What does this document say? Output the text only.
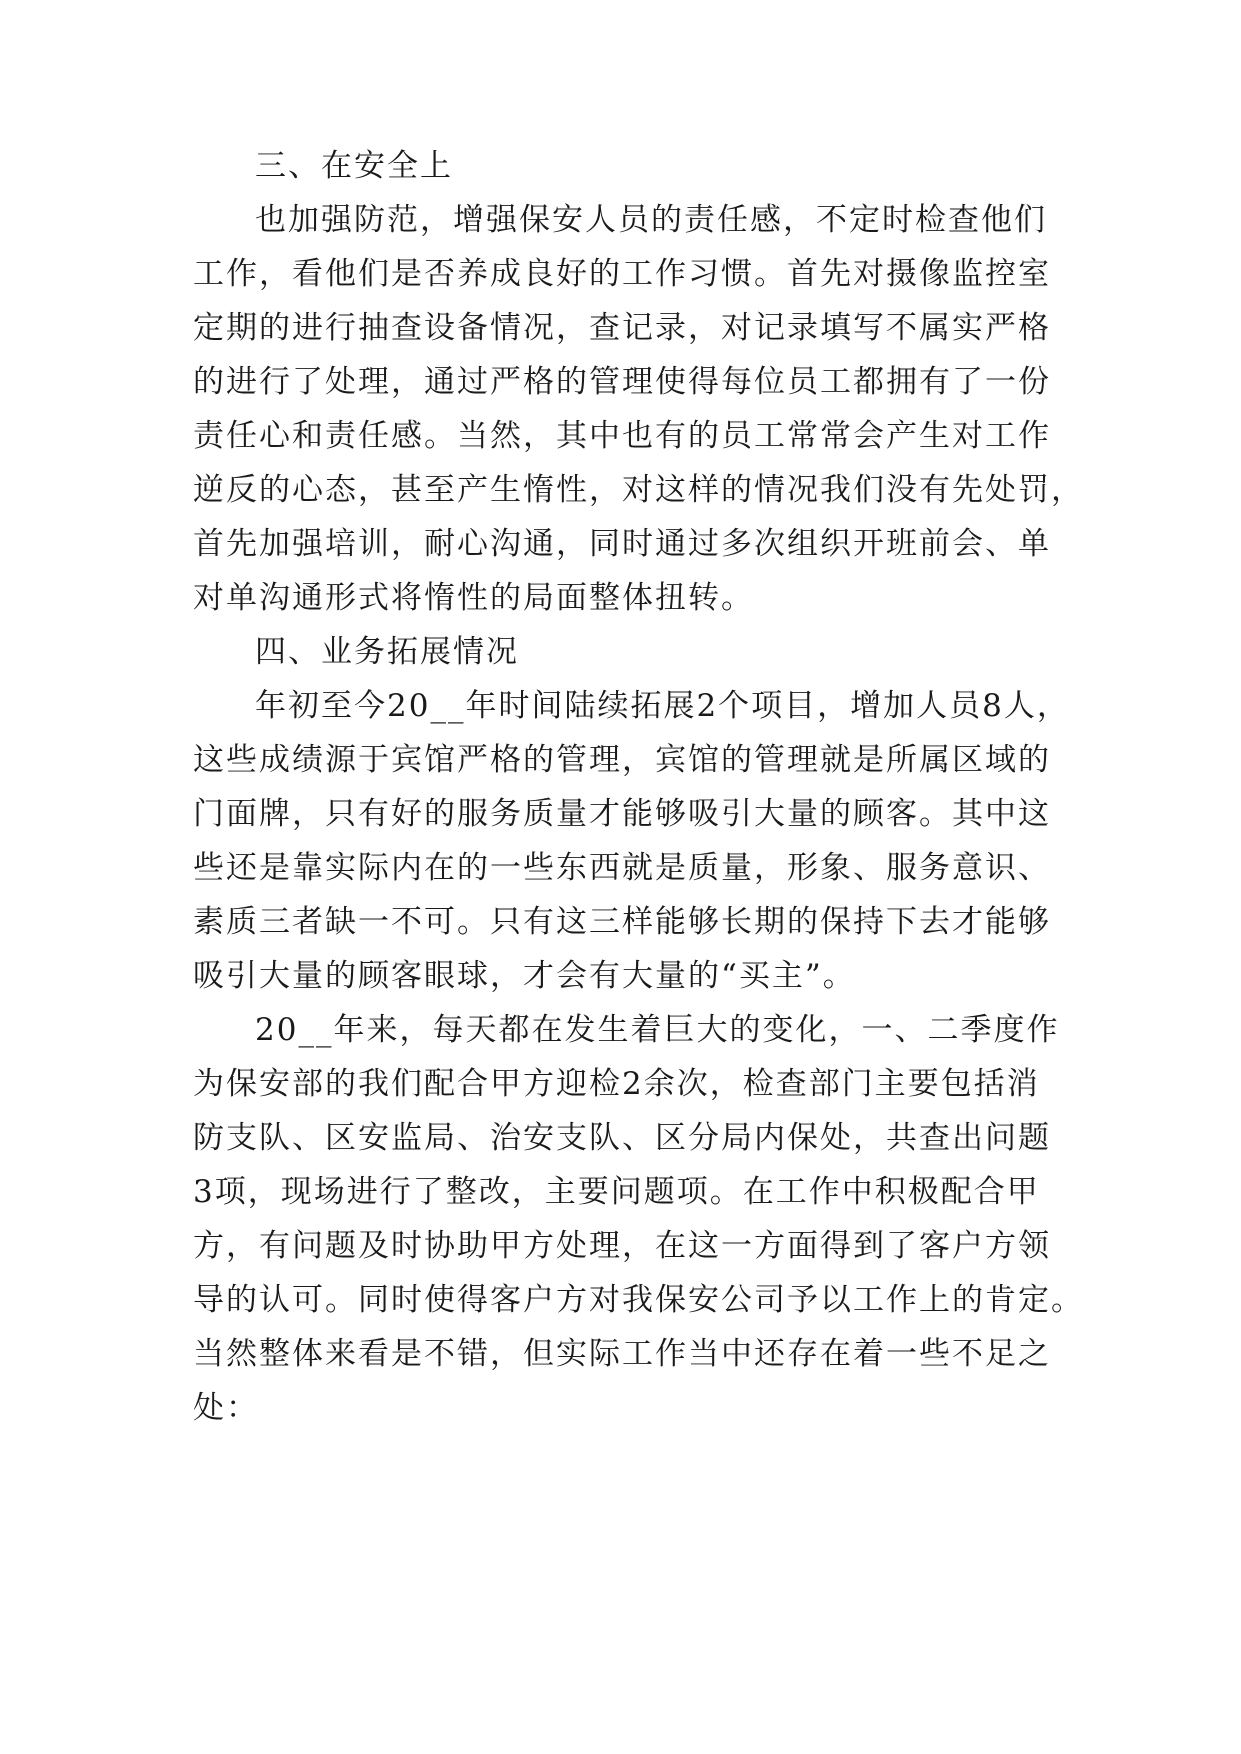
三、在安全上
也加强防范，增强保安人员的责任感，不定时检查他们
工作，看他们是否养成良好的工作习惯。首先对摄像监控室
定期的进行抽查设备情况，查记录，对记录填写不属实严格
的进行了处理，通过严格的管理使得每位员工都拥有了一份
责任心和责任感。当然，其中也有的员工常常会产生对工作
逆反的心态，甚至产生惰性，对这样的情况我们没有先处罚，
首先加强培训，耐心沟通，同时通过多次组织开班前会、单
对单沟通形式将惰性的局面整体扭转。
四、业务拓展情况
年初至今20__年时间陆续拓展2个项目，增加人员8人，
这些成绩源于宾馆严格的管理，宾馆的管理就是所属区域的
门面牌，只有好的服务质量才能够吸引大量的顾客。其中这
些还是靠实际内在的一些东西就是质量，形象、服务意识、
素质三者缺一不可。只有这三样能够长期的保持下去才能够
吸引大量的顾客眼球，才会有大量的“买主”。
20__年来，每天都在发生着巨大的变化，一、二季度作
为保安部的我们配合甲方迎检2余次，检查部门主要包括消
防支队、区安监局、治安支队、区分局内保处，共查出问题
3项，现场进行了整改，主要问题项。在工作中积极配合甲
方，有问题及时协助甲方处理，在这一方面得到了客户方领
导的认可。同时使得客户方对我保安公司予以工作上的肯定。
当然整体来看是不错，但实际工作当中还存在着一些不足之
处：
